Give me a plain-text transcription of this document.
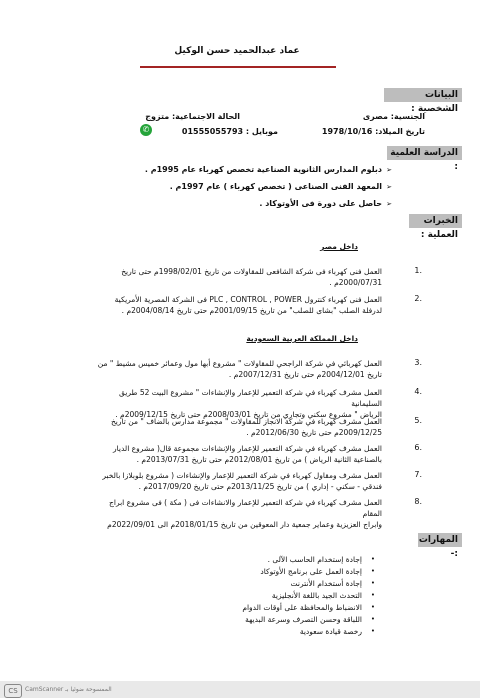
عماد عبدالحميد حسن الوكيل
البيانات الشخصية :
الجنسية: مصرى
الحالة الاجتماعية: متزوج
تاريخ الميلاد: 1978/10/16
موبايل : 01555055793
✆
الدراسة العلمية :
➢
دبلوم المدارس الثانوية الصناعية تخصص كهرباء عام 1995م .
➢
المعهد الفنى الصناعى ( تخصص كهرباء ) عام 1997م .
➢
حاصل على دورة فى الأوتوكاد .
الخبرات العملية :
داخل مصر
1.
العمل فنى كهرباء فى شركة الشافعى للمقاولات من تاريخ 1998/02/01م حتى تاريخ
2000/07/31م .
2.
العمل فنى كهرباء كنترول PLC , CONTROL , POWER فى الشركة المصرية الأمريكية
لدرفلة الصلب "بشاى للصلب" من تاريخ 2001/09/15م حتى تاريخ 2004/08/14م .
داخل المملكة العربية السعودية
3.
العمل كهربائي في شركة الراجحي للمقاولات " مشروع أبها مول وعمائر خميس مشيط " من
تاريخ 2004/12/01م حتى تاريخ 2007/12/31م .
4.
العمل مشرف كهرباء في شركة التعمير للإعمار والإنشاءات " مشروع البيت 52 طريق السليمانية
الرياض " مشروع سكني وتجاري من تاريخ 2008/03/01م حتى تاريخ 2009/12/15م .
5.
العمل مشرف كهرباء في شركة الانجاز للمقاولات " مجموعة مدارس بالضاف " من تاريخ
2009/12/25م حتى تاريخ 2012/06/30م .
6.
العمل مشرف كهرباء في شركة التعمير للإعمار والإنشاءات مجموعة قال( مشروع الديار
بالصناعية الثانية الرياض ) من تاريخ 2012/08/01م حتى تاريخ 2013/07/31م .
7.
العمل مشرف ومقاول كهرباء في شركة التعمير للإعمار والإنشاءات ( مشروع بلوبلازا بالخبر
فندقي - سكني - إداري ) من تاريخ 2013/11/25م حتى تاريخ 2017/09/20م .
8.
العمل مشرف كهرباء في شركة التعمير للإعمار والانشاءات فى ( مكة ) فى مشروع ابراج المقام
وابراج العزيزية وعماير جمعية دار المعوقين من تاريخ 2018/01/15م الى 2022/09/01م
المهارات :-
•
إجادة إستخدام الحاسب الآلى .
•
إجادة العمل على برنامج الأوتوكاد
•
إجادة أستخدام الأنترنت
•
التحدث الجيد باللغة الأنجليزية
•
الانضباط والمحافظة على أوقات الدوام
•
اللباقة وحسن التصرف وسرعة البديهة
•
رخصة قيادة سعودية
CS	CamScanner الممسوحة ضوئيا بـ
